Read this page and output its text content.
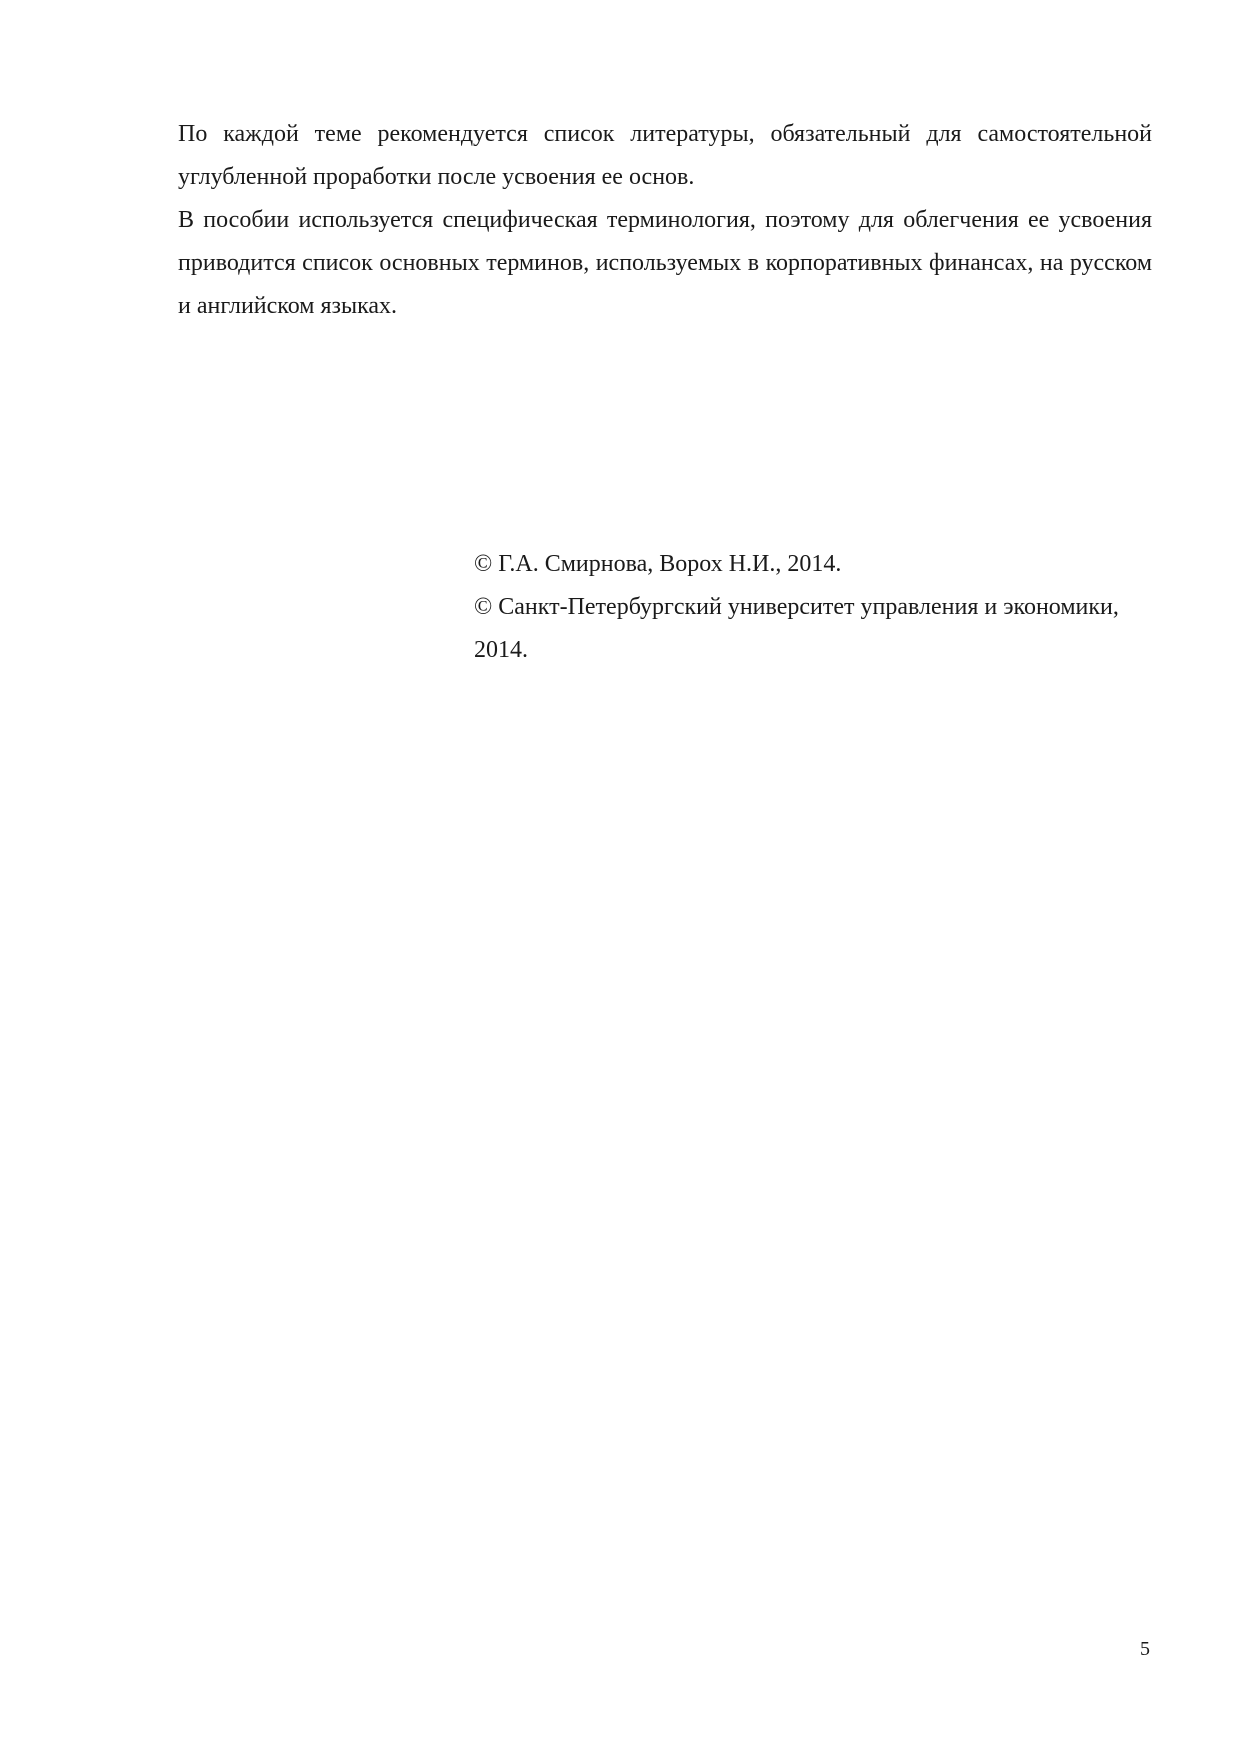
По каждой теме рекомендуется список литературы, обязательный для самостоятельной углубленной проработки после усвоения ее основ.

В пособии используется специфическая терминология, поэтому для облегчения ее усвоения приводится список основных терминов, используемых в корпоративных финансах, на русском и английском языках.

© Г.А. Смирнова, Ворох Н.И., 2014.

© Санкт-Петербургский университет управления и экономики, 2014.

5
